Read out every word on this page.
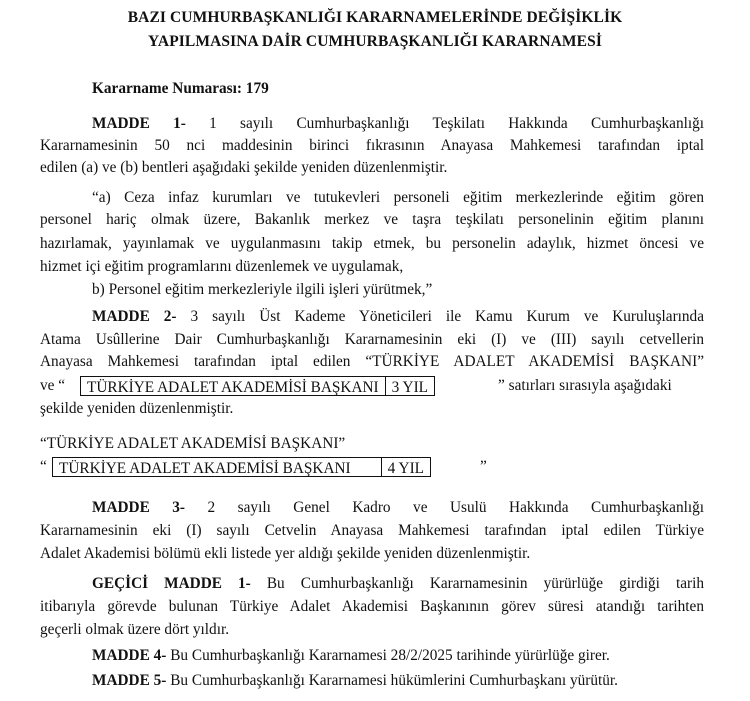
BAZI CUMHURBAŞKANLIĞI KARARNAMELERİNDE DEĞİŞİKLİK
YAPILMASINA DAİR CUMHURBAŞKANLIĞI KARARNAMESİ
Kararname Numarası: 179
MADDE 1- 1 sayılı Cumhurbaşkanlığı Teşkilatı Hakkında Cumhurbaşkanlığı
Kararnamesinin 50 nci maddesinin birinci fıkrasının Anayasa Mahkemesi tarafından iptal
edilen (a) ve (b) bentleri aşağıdaki şekilde yeniden düzenlenmiştir.
“a) Ceza infaz kurumları ve tutukevleri personeli eğitim merkezlerinde eğitim gören
personel hariç olmak üzere, Bakanlık merkez ve taşra teşkilatı personelinin eğitim planını
hazırlamak, yayınlamak ve uygulanmasını takip etmek, bu personelin adaylık, hizmet öncesi ve
hizmet içi eğitim programlarını düzenlemek ve uygulamak,
b) Personel eğitim merkezleriyle ilgili işleri yürütmek,”
MADDE 2- 3 sayılı Üst Kademe Yöneticileri ile Kamu Kurum ve Kuruluşlarında
Atama Usûllerine Dair Cumhurbaşkanlığı Kararnamesinin eki (I) ve (III) sayılı cetvellerin
Anayasa Mahkemesi tarafından iptal edilen “TÜRKİYE ADALET AKADEMİSİ BAŞKANI”
ve “	TÜRKİYE ADALET AKADEMİSİ BAŞKANI 3 YIL	” satırları sırasıyla aşağıdaki
şekilde yeniden düzenlenmiştir.
“TÜRKİYE ADALET AKADEMİSİ BAŞKANI”
“ TÜRKİYE ADALET AKADEMİSİ BAŞKANI 4 YIL	”
MADDE 3- 2 sayılı Genel Kadro ve Usulü Hakkında Cumhurbaşkanlığı
Kararnamesinin eki (I) sayılı Cetvelin Anayasa Mahkemesi tarafından iptal edilen Türkiye
Adalet Akademisi bölümü ekli listede yer aldığı şekilde yeniden düzenlenmiştir.
GEÇİCİ MADDE 1- Bu Cumhurbaşkanlığı Kararnamesinin yürürlüğe girdiği tarih
itibarıyla görevde bulunan Türkiye Adalet Akademisi Başkanının görev süresi atandığı tarihten
geçerli olmak üzere dört yıldır.
MADDE 4- Bu Cumhurbaşkanlığı Kararnamesi 28/2/2025 tarihinde yürürlüğe girer.
MADDE 5- Bu Cumhurbaşkanlığı Kararnamesi hükümlerini Cumhurbaşkanı yürütür.
